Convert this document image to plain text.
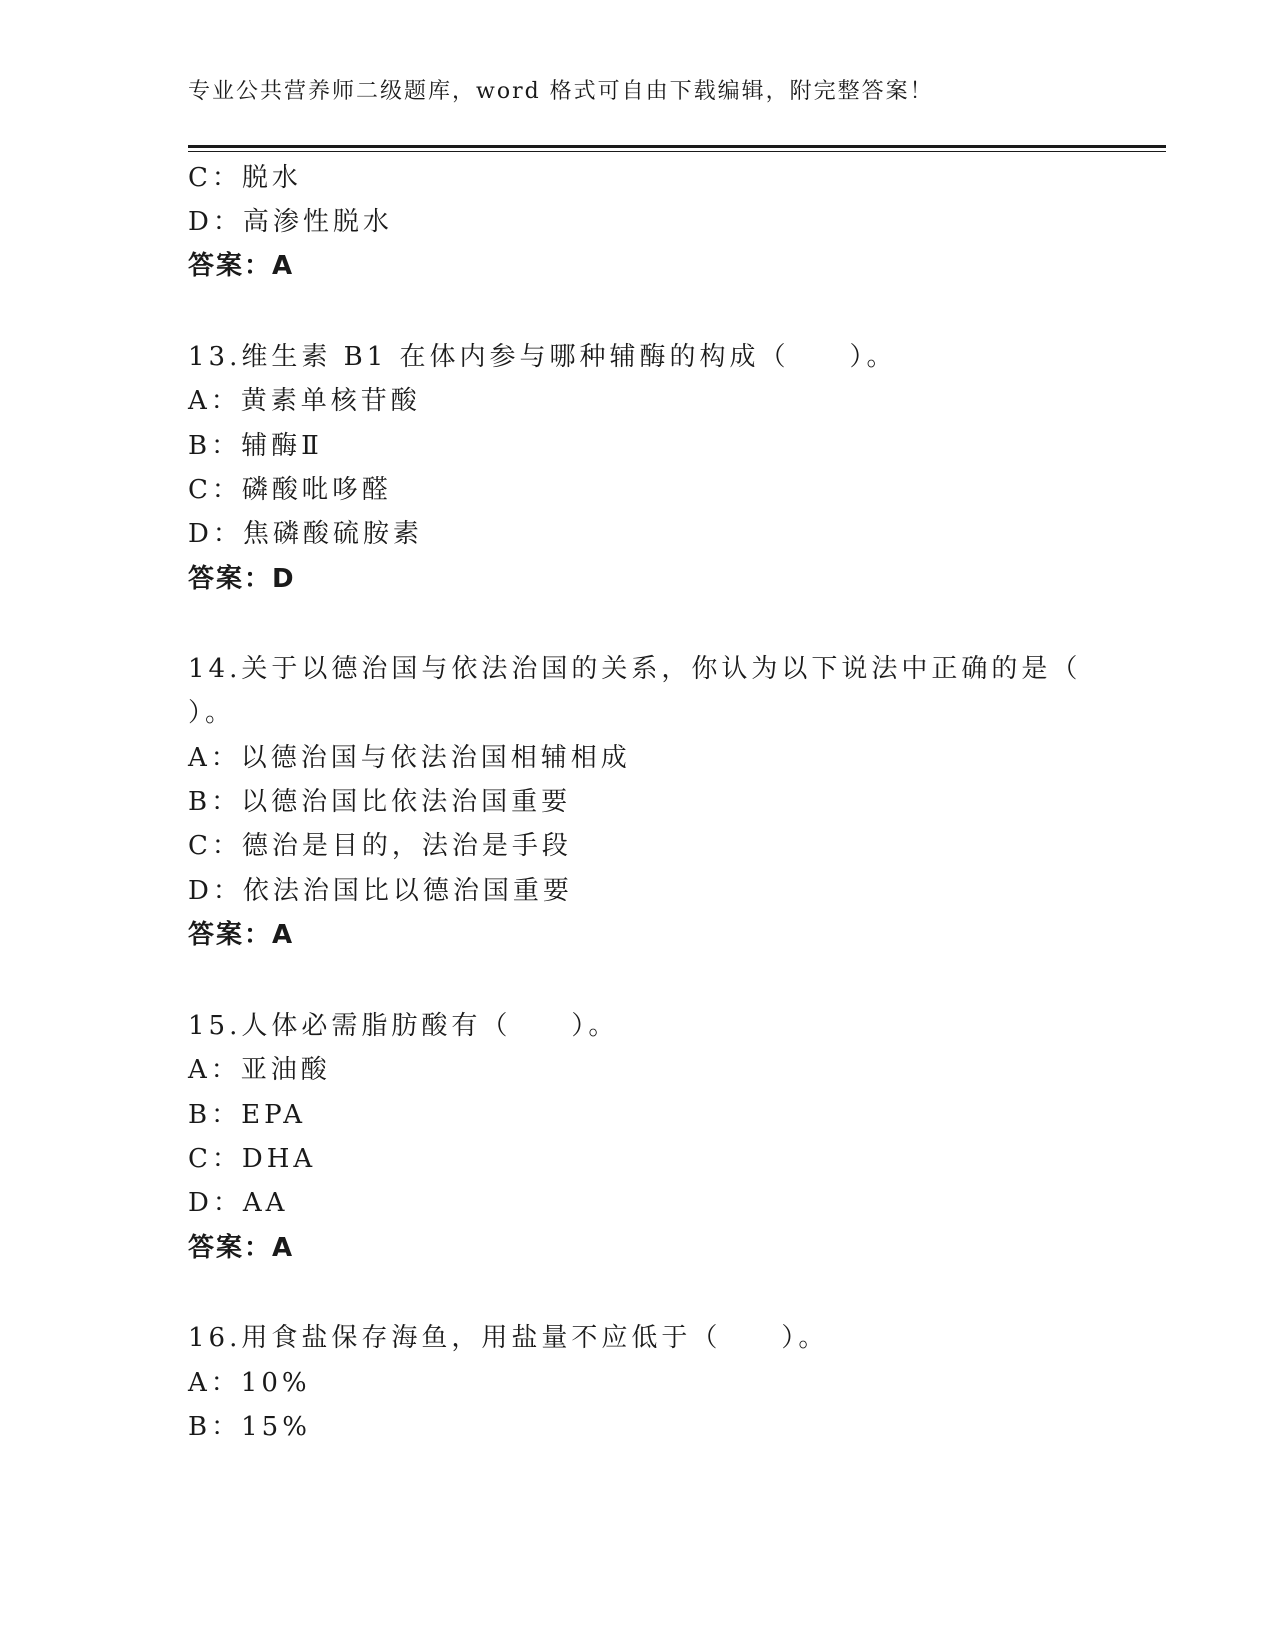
专业公共营养师二级题库，word 格式可自由下载编辑，附完整答案！
C：脱水
D：高渗性脱水
答案：A
13.维生素 B1 在体内参与哪种辅酶的构成（　　）。
A：黄素单核苷酸
B：辅酶Ⅱ
C：磷酸吡哆醛
D：焦磷酸硫胺素
答案：D
14.关于以德治国与依法治国的关系，你认为以下说法中正确的是（
）。
A：以德治国与依法治国相辅相成
B：以德治国比依法治国重要
C：德治是目的，法治是手段
D：依法治国比以德治国重要
答案：A
15.人体必需脂肪酸有（　　）。
A：亚油酸
B：EPA
C：DHA
D：AA
答案：A
16.用食盐保存海鱼，用盐量不应低于（　　）。
A：10%
B：15%
